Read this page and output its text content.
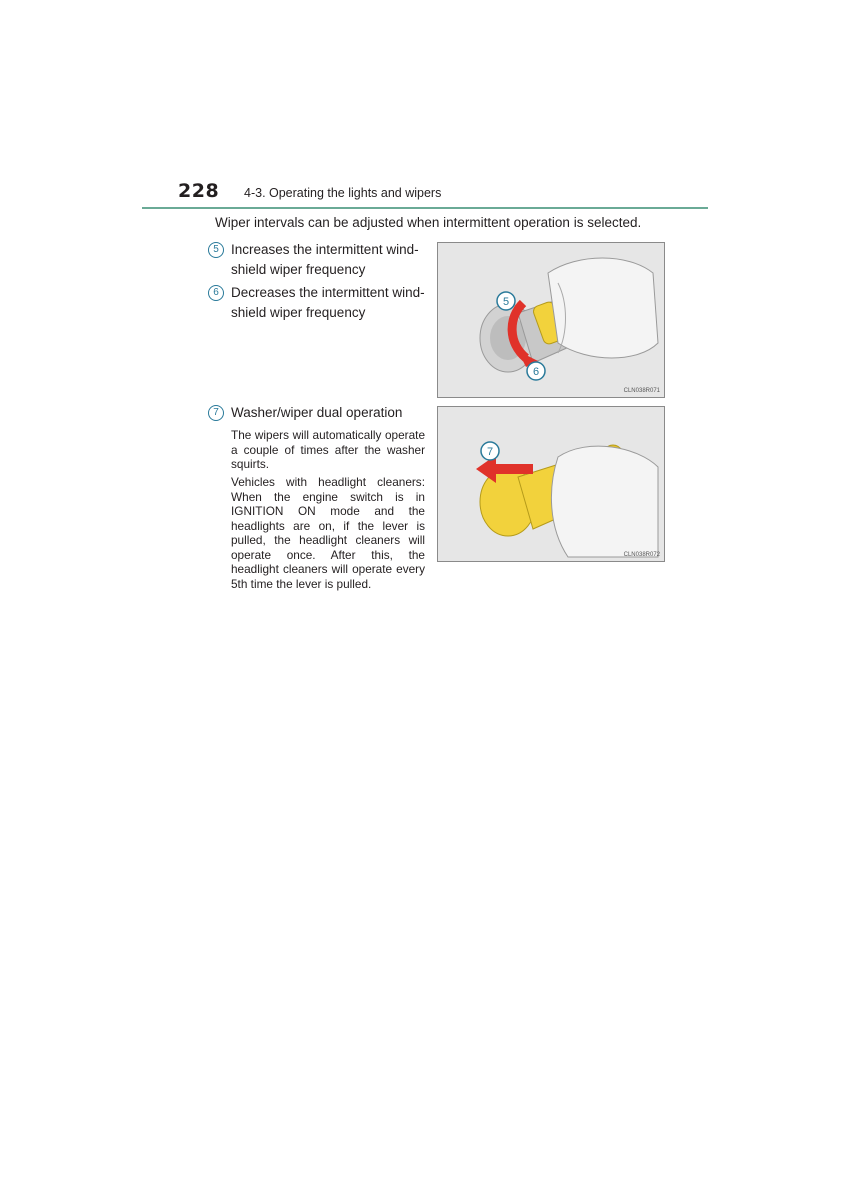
228 4-3. Operating the lights and wipers
Wiper intervals can be adjusted when intermittent operation is selected.
5 Increases the intermittent wind-
shield wiper frequency
6 Decreases the intermittent wind-
shield wiper frequency
7 Washer/wiper dual operation
The wipers will automatically operate a couple of times after the washer squirts.
Vehicles with headlight cleaners: When the engine switch is in IGNITION ON mode and the headlights are on, if the lever is pulled, the headlight cleaners will operate once. After this, the headlight cleaners will operate every 5th time the lever is pulled.
5
6
CLN038R071
7
CLN038R072
